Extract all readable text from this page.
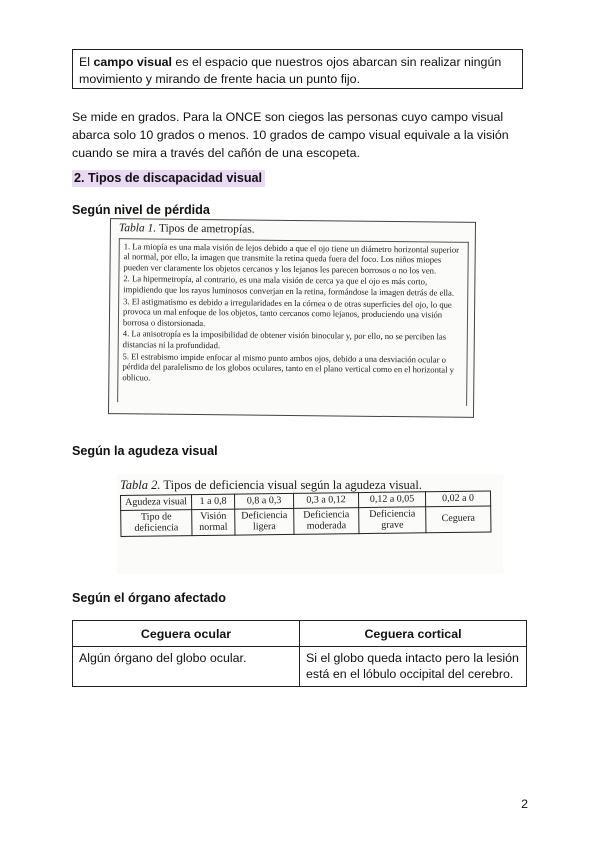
El campo visual es el espacio que nuestros ojos abarcan sin realizar ningún movimiento y mirando de frente hacia un punto fijo.
Se mide en grados. Para la ONCE son ciegos las personas cuyo campo visual abarca solo 10 grados o menos. 10 grados de campo visual equivale a la visión cuando se mira a través del cañón de una escopeta.
2. Tipos de discapacidad visual
Según nivel de pérdida
Tabla 1. Tipos de ametropías.

1. La miopía es una mala visión de lejos debido a que el ojo tiene un diámetro horizontal superior al normal, por ello, la imagen que transmite la retina queda fuera del foco. Los niños miopes pueden ver claramente los objetos cercanos y los lejanos les parecen borrosos o no los ven.

2. La hipermetropía, al contrario, es una mala visión de cerca ya que el ojo es más corto, impidiendo que los rayos luminosos converjan en la retina, formándose la imagen detrás de ella.

3. El astigmatismo es debido a irregularidades en la córnea o de otras superficies del ojo, lo que provoca un mal enfoque de los objetos, tanto cercanos como lejanos, produciendo una visión borrosa o distorsionada.

4. La anisotropía es la imposibilidad de obtener visión binocular y, por ello, no se perciben las distancias ni la profundidad.

5. El estrabismo impide enfocar al mismo punto ambos ojos, debido a una desviación ocular o pérdida del paralelismo de los globos oculares, tanto en el plano vertical como en el horizontal y oblicuo.

Según la agudeza visual
Tabla 2. Tipos de deficiencia visual según la agudeza visual.
Agudeza visual	1 a 0,8	0,8 a 0,3	0,3 a 0,12	0,12 a 0,05	0,02 a 0
Tipo de deficiencia	Visión normal	Deficiencia ligera	Deficiencia moderada	Deficiencia grave	Ceguera
Según el órgano afectado
Ceguera ocular	Ceguera cortical
Algún órgano del globo ocular.	Si el globo queda intacto pero la lesión está en el lóbulo occipital del cerebro.
2
